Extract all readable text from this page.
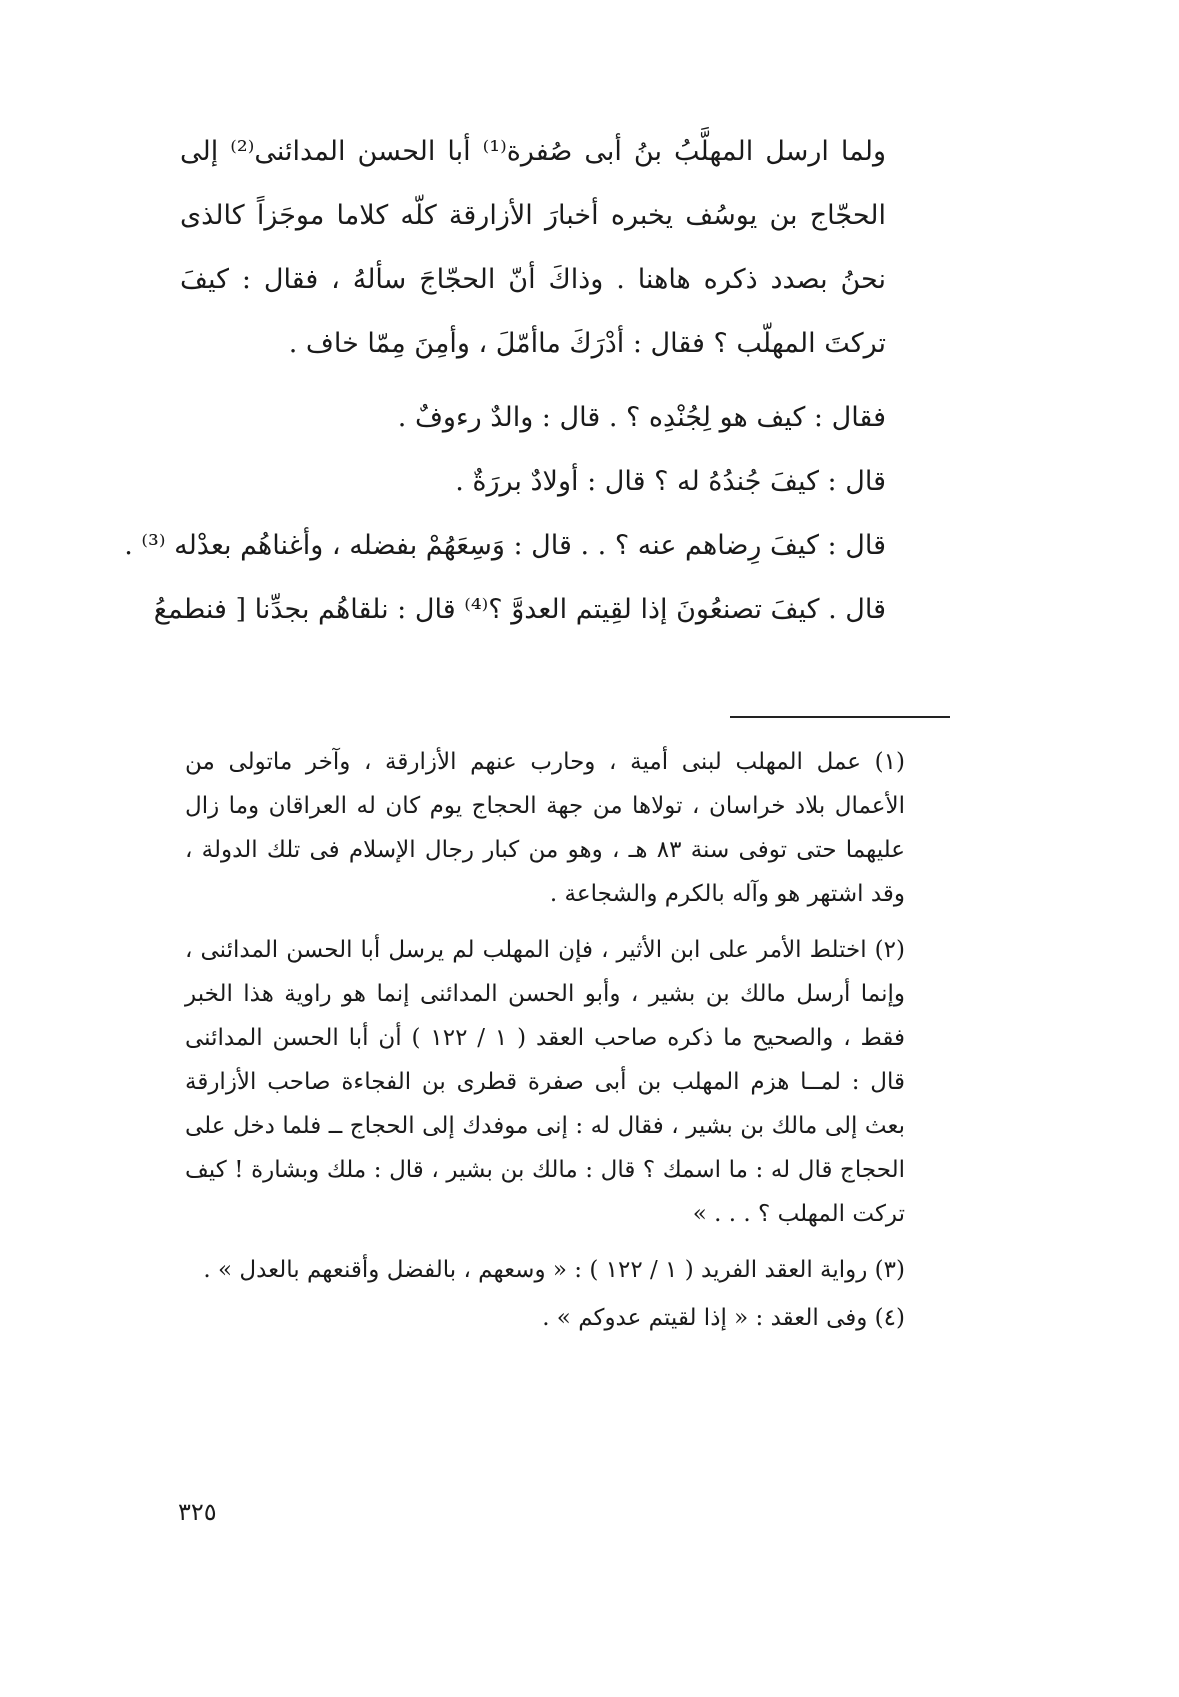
ولما ارسل المهلَّبُ بنُ أبى صُفرة⁽¹⁾ أبا الحسن المدائنى⁽²⁾ إلى الحجّاج بن يوسُف يخبره أخبارَ الأزارقة كلّه كلاما موجَزاً كالذى نحنُ بصدد ذكره هاهنا . وذاكَ أنّ الحجّاجَ سألهُ ، فقال : كيفَ تركتَ المهلّب ؟ فقال : أدْرَكَ ماأمّلَ ، وأمِنَ مِمّا خاف .

فقال : كيف هو لِجُنْدِه ؟ . قال : والدٌ رءوفٌ .

قال : كيفَ جُندُهُ له ؟ قال : أولادٌ بررَةٌ .

قال : كيفَ رِضاهم عنه ؟ . . قال : وَسِعَهُمْ بفضله ، وأغناهُم بعدْله ⁽³⁾ .

قال . كيفَ تصنعُونَ إذا لقِيتم العدوَّ ؟⁽⁴⁾ قال : نلقاهُم بجدِّنا [ فنطمعُ

(١) عمل المهلب لبنى أمية ، وحارب عنهم الأزارقة ، وآخر ماتولى من الأعمال بلاد خراسان ، تولاها من جهة الحجاج يوم كان له العراقان وما زال عليهما حتى توفى سنة ٨٣ هـ ، وهو من كبار رجال الإسلام فى تلك الدولة ، وقد اشتهر هو وآله بالكرم والشجاعة .

(٢) اختلط الأمر على ابن الأثير ، فإن المهلب لم يرسل أبا الحسن المدائنى ، وإنما أرسل مالك بن بشير ، وأبو الحسن المدائنى إنما هو راوية هذا الخبر فقط ، والصحيح ما ذكره صاحب العقد ( ١ / ١٢٢ ) أن أبا الحسن المدائنى قال : لمــا هزم المهلب بن أبى صفرة قطرى بن الفجاءة صاحب الأزارقة بعث إلى مالك بن بشير ، فقال له : إنى موفدك إلى الحجاج ــ فلما دخل على الحجاج قال له : ما اسمك ؟ قال : مالك بن بشير ، قال : ملك وبشارة ! كيف تركت المهلب ؟ . . . »

(٣) رواية العقد الفريد ( ١ / ١٢٢ ) : « وسعهم ، بالفضل وأقنعهم بالعدل » .

(٤) وفى العقد : « إذا لقيتم عدوكم » .

٣٢٥
